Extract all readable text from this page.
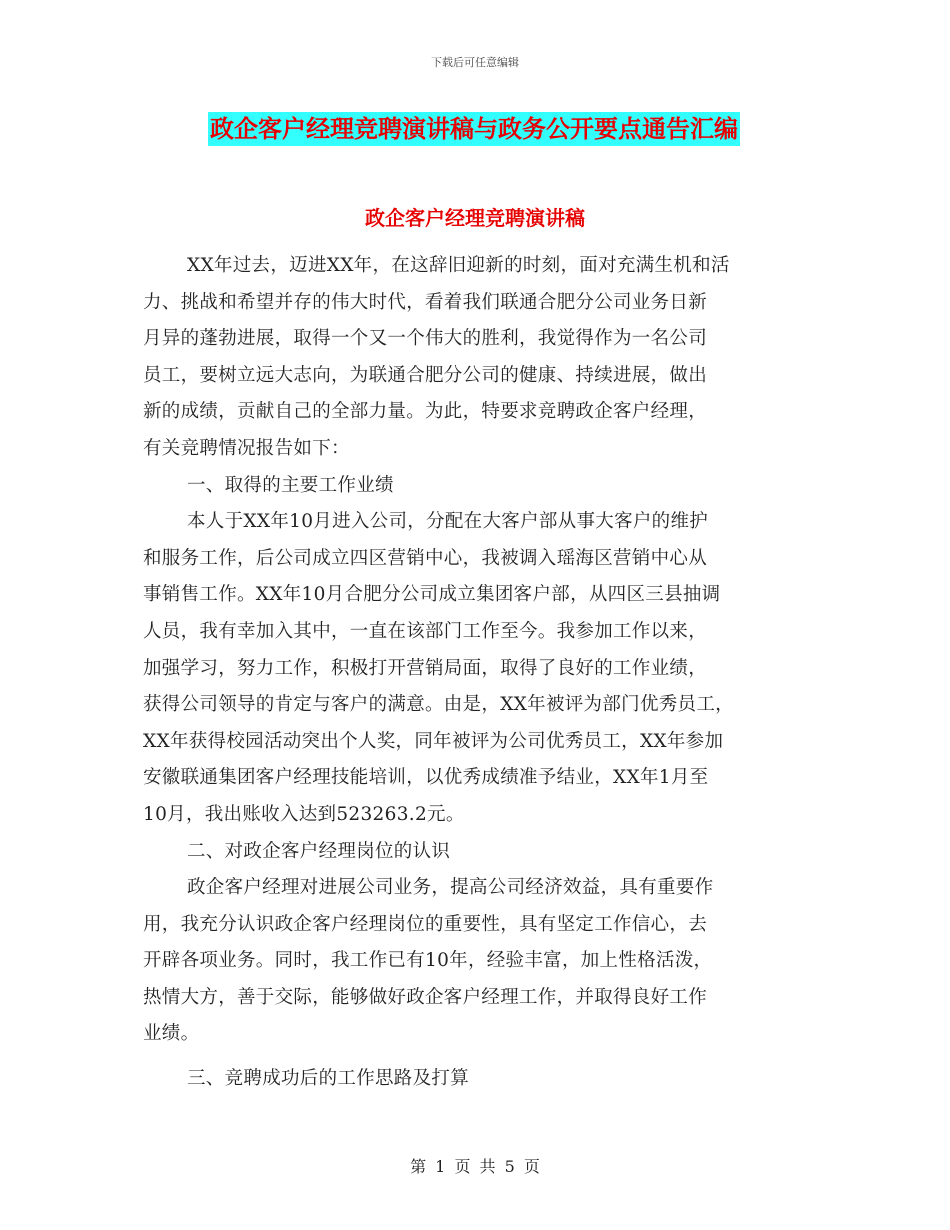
下载后可任意编辑
政企客户经理竞聘演讲稿与政务公开要点通告汇编
政企客户经理竞聘演讲稿
XX年过去，迈进XX年，在这辞旧迎新的时刻，面对充满生机和活
力、挑战和希望并存的伟大时代，看着我们联通合肥分公司业务日新
月异的蓬勃进展，取得一个又一个伟大的胜利，我觉得作为一名公司
员工，要树立远大志向，为联通合肥分公司的健康、持续进展，做出
新的成绩，贡献自己的全部力量。为此，特要求竞聘政企客户经理，
有关竞聘情况报告如下：
一、取得的主要工作业绩
本人于XX年10月进入公司，分配在大客户部从事大客户的维护
和服务工作，后公司成立四区营销中心，我被调入瑶海区营销中心从
事销售工作。XX年10月合肥分公司成立集团客户部，从四区三县抽调
人员，我有幸加入其中，一直在该部门工作至今。我参加工作以来，
加强学习，努力工作，积极打开营销局面，取得了良好的工作业绩，
获得公司领导的肯定与客户的满意。由是，XX年被评为部门优秀员工，
XX年获得校园活动突出个人奖，同年被评为公司优秀员工，XX年参加
安徽联通集团客户经理技能培训，以优秀成绩准予结业，XX年1月至
10月，我出账收入达到523263.2元。
二、对政企客户经理岗位的认识
政企客户经理对进展公司业务，提高公司经济效益，具有重要作
用，我充分认识政企客户经理岗位的重要性，具有坚定工作信心，去
开辟各项业务。同时，我工作已有10年，经验丰富，加上性格活泼，
热情大方，善于交际，能够做好政企客户经理工作，并取得良好工作
业绩。
三、竞聘成功后的工作思路及打算
第 1 页 共 5 页
